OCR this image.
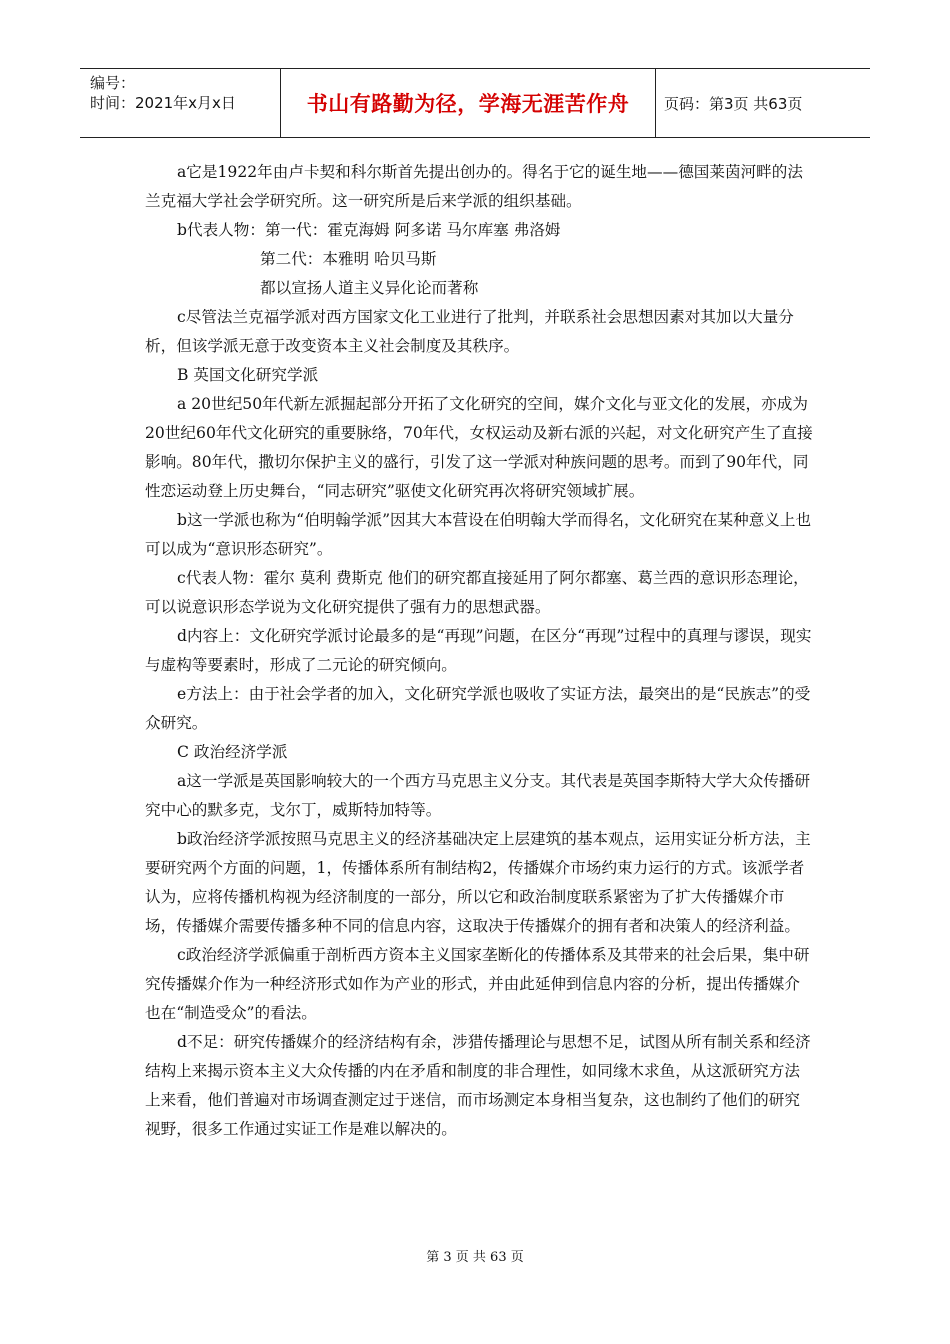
编号：
时间：2021年x月x日	书山有路勤为径，学海无涯苦作舟	页码：第3页 共63页

a它是1922年由卢卡契和科尔斯首先提出创办的。得名于它的诞生地——德国莱茵河畔的法兰克福大学社会学研究所。这一研究所是后来学派的组织基础。

b代表人物：第一代：霍克海姆 阿多诺 马尔库塞 弗洛姆

第二代：本雅明 哈贝马斯

都以宣扬人道主义异化论而著称

c尽管法兰克福学派对西方国家文化工业进行了批判，并联系社会思想因素对其加以大量分析，但该学派无意于改变资本主义社会制度及其秩序。

B 英国文化研究学派

a 20世纪50年代新左派掘起部分开拓了文化研究的空间，媒介文化与亚文化的发展，亦成为20世纪60年代文化研究的重要脉络，70年代，女权运动及新右派的兴起，对文化研究产生了直接影响。80年代，撒切尔保护主义的盛行，引发了这一学派对种族问题的思考。而到了90年代，同性恋运动登上历史舞台，“同志研究”驱使文化研究再次将研究领域扩展。

b这一学派也称为“伯明翰学派”因其大本营设在伯明翰大学而得名，文化研究在某种意义上也可以成为“意识形态研究”。

c代表人物：霍尔 莫利 费斯克 他们的研究都直接延用了阿尔都塞、葛兰西的意识形态理论，可以说意识形态学说为文化研究提供了强有力的思想武器。

d内容上：文化研究学派讨论最多的是“再现”问题，在区分“再现”过程中的真理与谬误，现实与虚构等要素时，形成了二元论的研究倾向。

e方法上：由于社会学者的加入，文化研究学派也吸收了实证方法，最突出的是“民族志”的受众研究。

C 政治经济学派

a这一学派是英国影响较大的一个西方马克思主义分支。其代表是英国李斯特大学大众传播研究中心的默多克，戈尔丁，威斯特加特等。

b政治经济学派按照马克思主义的经济基础决定上层建筑的基本观点，运用实证分析方法，主要研究两个方面的问题，1，传播体系所有制结构2，传播媒介市场约束力运行的方式。该派学者认为，应将传播机构视为经济制度的一部分，所以它和政治制度联系紧密为了扩大传播媒介市场，传播媒介需要传播多种不同的信息内容，这取决于传播媒介的拥有者和决策人的经济利益。

c政治经济学派偏重于剖析西方资本主义国家垄断化的传播体系及其带来的社会后果，集中研究传播媒介作为一种经济形式如作为产业的形式，并由此延伸到信息内容的分析，提出传播媒介也在“制造受众”的看法。

d不足：研究传播媒介的经济结构有余，涉猎传播理论与思想不足，试图从所有制关系和经济结构上来揭示资本主义大众传播的内在矛盾和制度的非合理性，如同缘木求鱼，从这派研究方法上来看，他们普遍对市场调查测定过于迷信，而市场测定本身相当复杂，这也制约了他们的研究视野，很多工作通过实证工作是难以解决的。

第 3 页 共 63 页
